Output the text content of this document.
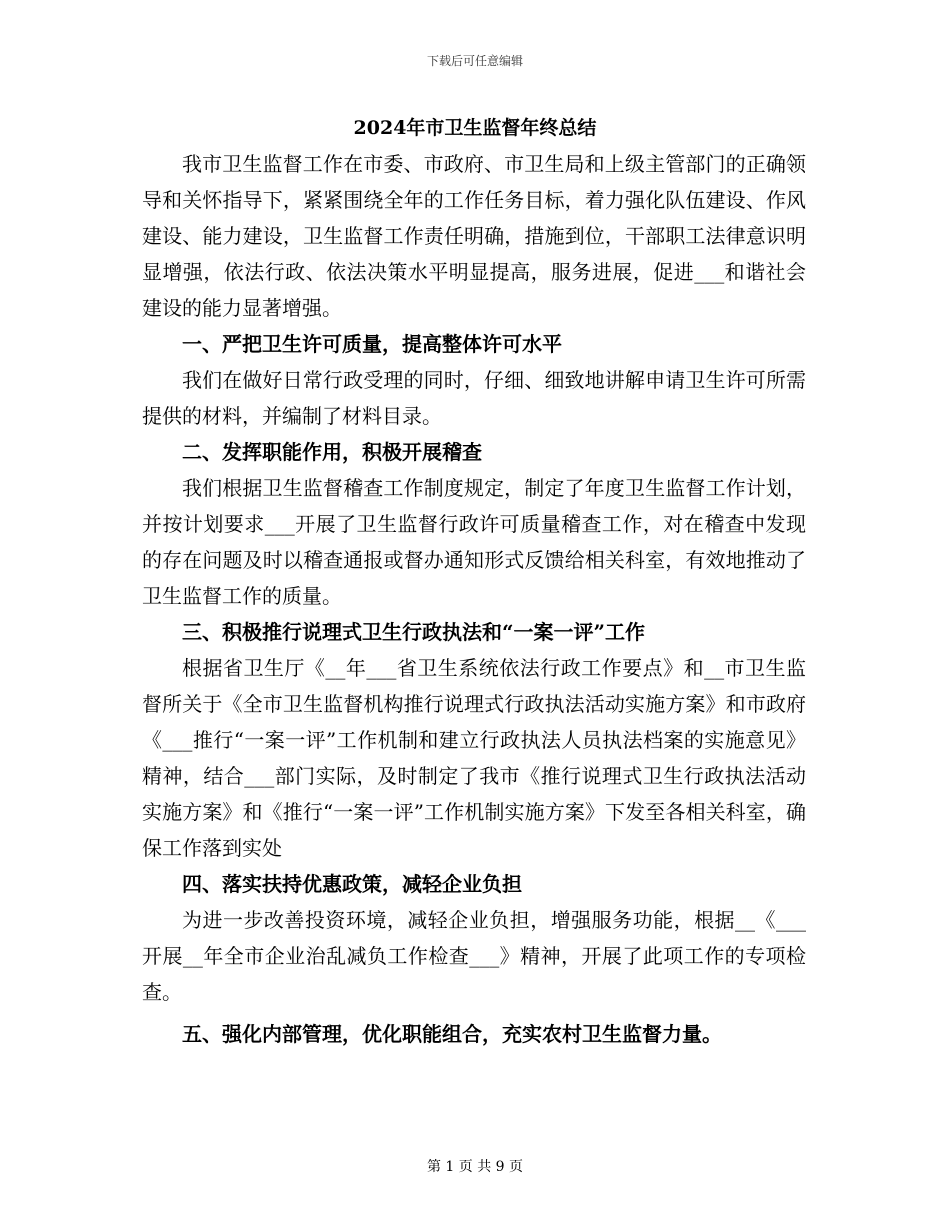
下载后可任意编辑
2024年市卫生监督年终总结

我市卫生监督工作在市委、市政府、市卫生局和上级主管部门的正确领导和关怀指导下，紧紧围绕全年的工作任务目标，着力强化队伍建设、作风建设、能力建设，卫生监督工作责任明确，措施到位，干部职工法律意识明显增强，依法行政、依法决策水平明显提高，服务进展，促进___和谐社会建设的能力显著增强。

一、严把卫生许可质量，提高整体许可水平

我们在做好日常行政受理的同时，仔细、细致地讲解申请卫生许可所需提供的材料，并编制了材料目录。

二、发挥职能作用，积极开展稽查

我们根据卫生监督稽查工作制度规定，制定了年度卫生监督工作计划，并按计划要求___开展了卫生监督行政许可质量稽查工作，对在稽查中发现的存在问题及时以稽查通报或督办通知形式反馈给相关科室，有效地推动了卫生监督工作的质量。

三、积极推行说理式卫生行政执法和“一案一评”工作

根据省卫生厅《__年___省卫生系统依法行政工作要点》和__市卫生监督所关于《全市卫生监督机构推行说理式行政执法活动实施方案》和市政府《___推行“一案一评”工作机制和建立行政执法人员执法档案的实施意见》精神，结合___部门实际，及时制定了我市《推行说理式卫生行政执法活动实施方案》和《推行“一案一评”工作机制实施方案》下发至各相关科室，确保工作落到实处

四、落实扶持优惠政策，减轻企业负担

为进一步改善投资环境，减轻企业负担，增强服务功能，根据__《___开展__年全市企业治乱减负工作检查___》精神，开展了此项工作的专项检查。

五、强化内部管理，优化职能组合，充实农村卫生监督力量。

第 1 页 共 9 页
